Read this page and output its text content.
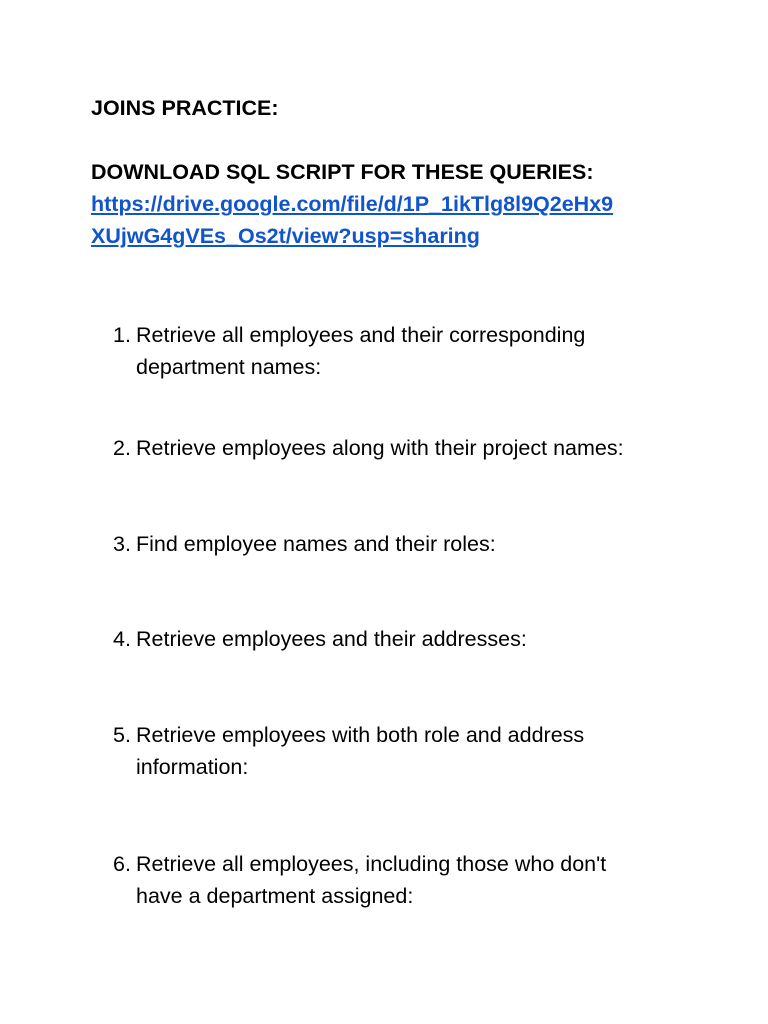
JOINS PRACTICE:
DOWNLOAD SQL SCRIPT FOR THESE QUERIES:
https://drive.google.com/file/d/1P_1ikTlg8l9Q2eHx9
XUjwG4gVEs_Os2t/view?usp=sharing
1. Retrieve all employees and their corresponding
department names:
2. Retrieve employees along with their project names:
3. Find employee names and their roles:
4. Retrieve employees and their addresses:
5. Retrieve employees with both role and address
information:
6. Retrieve all employees, including those who don't
have a department assigned:
